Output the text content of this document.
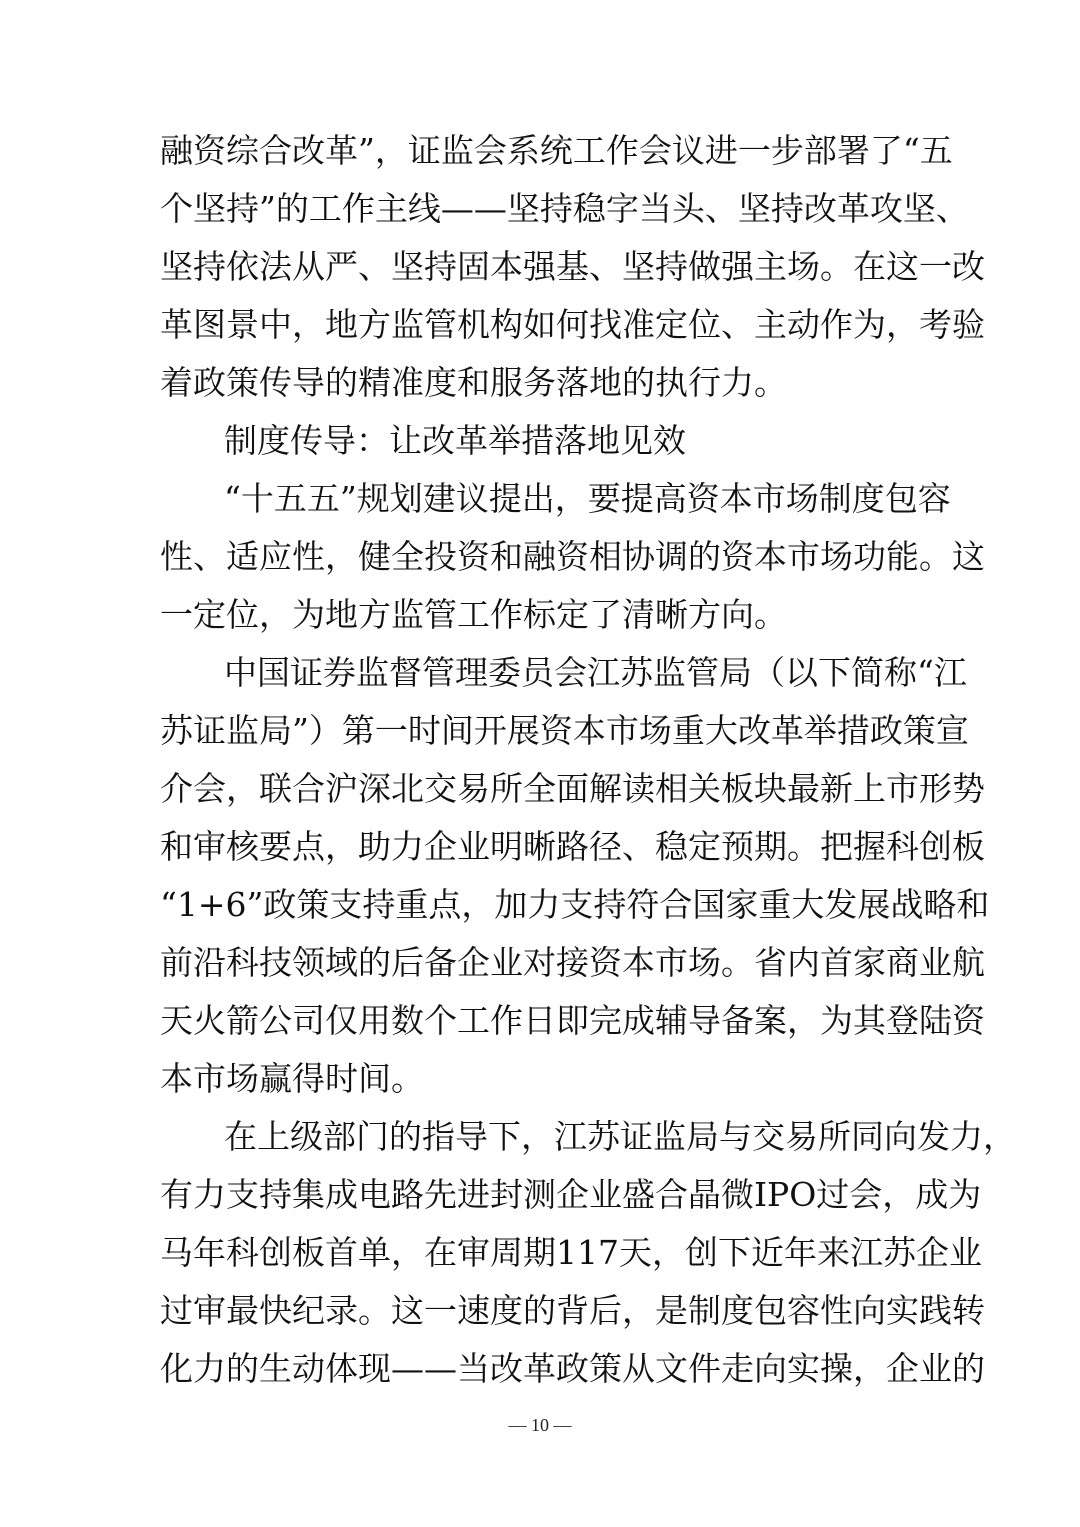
融资综合改革”，证监会系统工作会议进一步部署了“五
个坚持”的工作主线——坚持稳字当头、坚持改革攻坚、
坚持依法从严、坚持固本强基、坚持做强主场。在这一改
革图景中，地方监管机构如何找准定位、主动作为，考验
着政策传导的精准度和服务落地的执行力。
制度传导：让改革举措落地见效
“十五五”规划建议提出，要提高资本市场制度包容
性、适应性，健全投资和融资相协调的资本市场功能。这
一定位，为地方监管工作标定了清晰方向。
中国证券监督管理委员会江苏监管局（以下简称“江
苏证监局”）第一时间开展资本市场重大改革举措政策宣
介会，联合沪深北交易所全面解读相关板块最新上市形势
和审核要点，助力企业明晰路径、稳定预期。把握科创板
“1+6”政策支持重点，加力支持符合国家重大发展战略和
前沿科技领域的后备企业对接资本市场。省内首家商业航
天火箭公司仅用数个工作日即完成辅导备案，为其登陆资
本市场赢得时间。
在上级部门的指导下，江苏证监局与交易所同向发力，
有力支持集成电路先进封测企业盛合晶微IPO过会，成为
马年科创板首单，在审周期117天，创下近年来江苏企业
过审最快纪录。这一速度的背后，是制度包容性向实践转
化力的生动体现——当改革政策从文件走向实操，企业的
— 10 —
